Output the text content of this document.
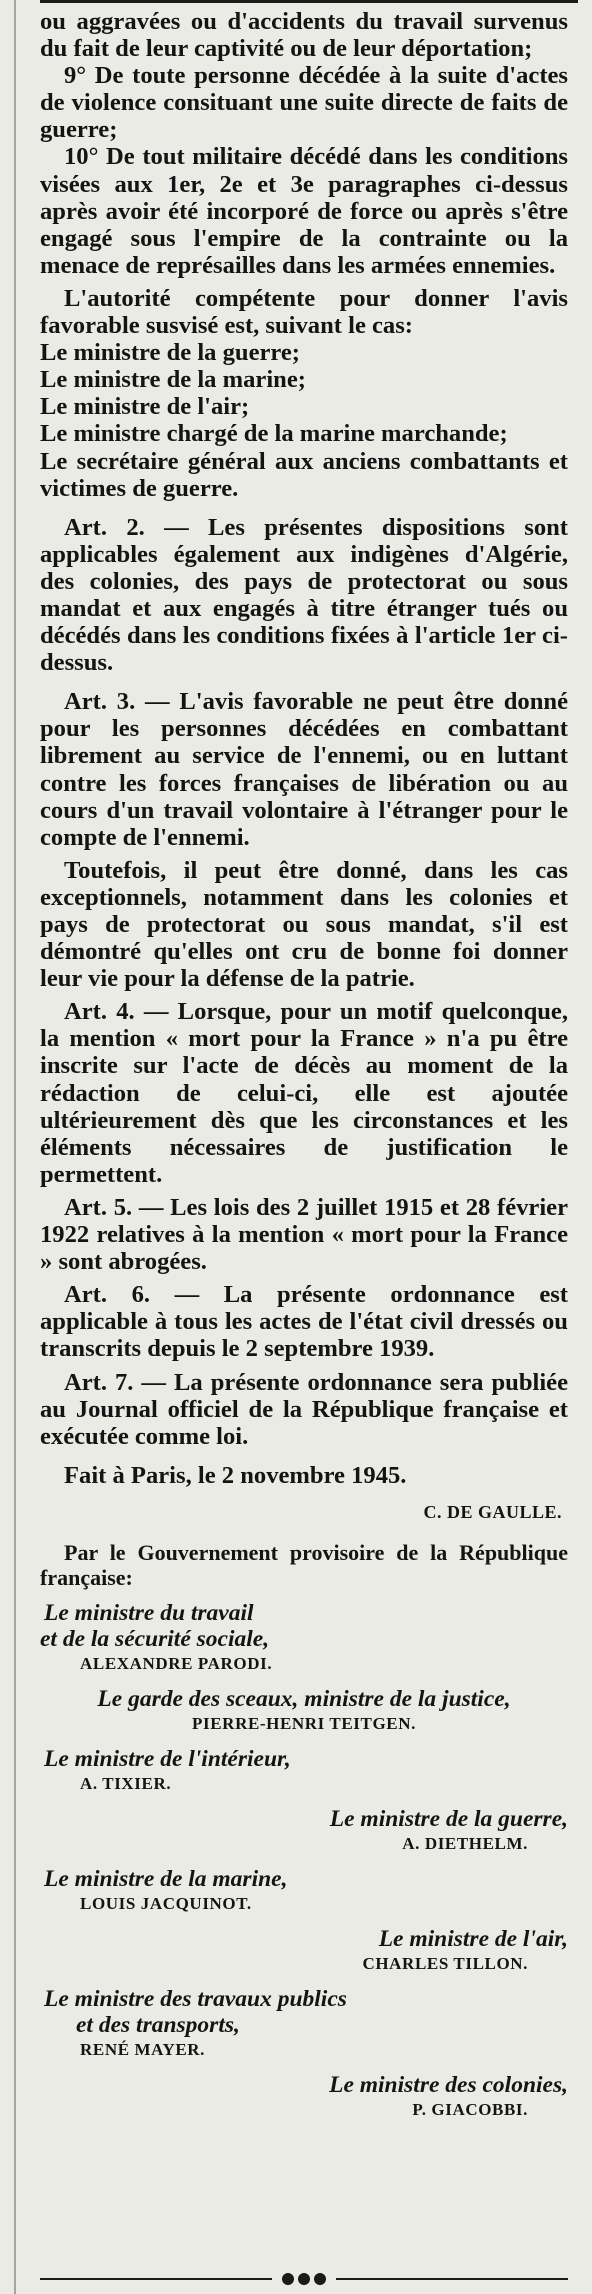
ou aggravées ou d'accidents du travail survenus du fait de leur captivité ou de leur déportation;

9° De toute personne décédée à la suite d'actes de violence consituant une suite directe de faits de guerre;

10° De tout militaire décédé dans les conditions visées aux 1er, 2e et 3e paragraphes ci-dessus après avoir été incorporé de force ou après s'être engagé sous l'empire de la contrainte ou la menace de représailles dans les armées ennemies.

L'autorité compétente pour donner l'avis favorable susvisé est, suivant le cas:

Le ministre de la guerre;

Le ministre de la marine;

Le ministre de l'air;

Le ministre chargé de la marine marchande;

Le secrétaire général aux anciens combattants et victimes de guerre.

Art. 2. — Les présentes dispositions sont applicables également aux indigènes d'Algérie, des colonies, des pays de protectorat ou sous mandat et aux engagés à titre étranger tués ou décédés dans les conditions fixées à l'article 1er ci-dessus.

Art. 3. — L'avis favorable ne peut être donné pour les personnes décédées en combattant librement au service de l'ennemi, ou en luttant contre les forces françaises de libération ou au cours d'un travail volontaire à l'étranger pour le compte de l'ennemi.

Toutefois, il peut être donné, dans les cas exceptionnels, notamment dans les colonies et pays de protectorat ou sous mandat, s'il est démontré qu'elles ont cru de bonne foi donner leur vie pour la défense de la patrie.

Art. 4. — Lorsque, pour un motif quelconque, la mention « mort pour la France » n'a pu être inscrite sur l'acte de décès au moment de la rédaction de celui-ci, elle est ajoutée ultérieurement dès que les circonstances et les éléments nécessaires de justification le permettent.

Art. 5. — Les lois des 2 juillet 1915 et 28 février 1922 relatives à la mention « mort pour la France » sont abrogées.

Art. 6. — La présente ordonnance est applicable à tous les actes de l'état civil dressés ou transcrits depuis le 2 septembre 1939.

Art. 7. — La présente ordonnance sera publiée au Journal officiel de la République française et exécutée comme loi.

Fait à Paris, le 2 novembre 1945.

C. DE GAULLE.

Par le Gouvernement provisoire de la République française:

Le ministre du travail
et de la sécurité sociale,
ALEXANDRE PARODI.
Le garde des sceaux, ministre de la justice,
PIERRE-HENRI TEITGEN.
Le ministre de l'intérieur,
A. TIXIER.
Le ministre de la guerre,
A. DIETHELM.
Le ministre de la marine,
LOUIS JACQUINOT.
Le ministre de l'air,
CHARLES TILLON.
Le ministre des travaux publics
et des transports,
RENÉ MAYER.
Le ministre des colonies,
P. GIACOBBI.
